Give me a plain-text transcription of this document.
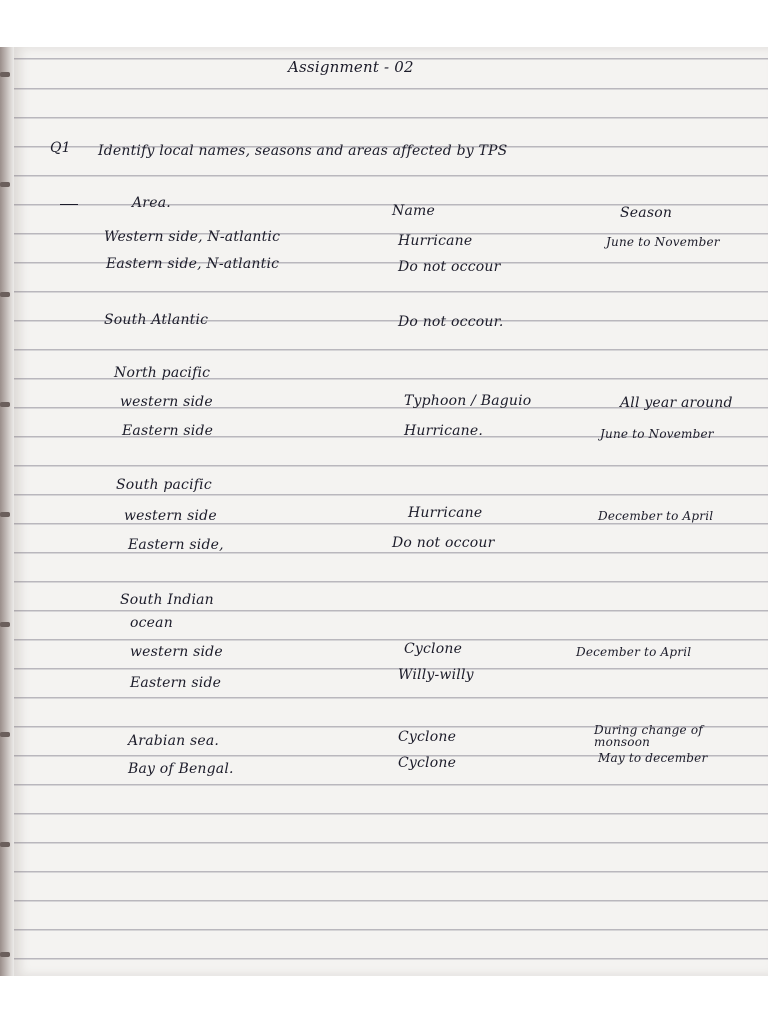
Assignment - 02
Q1 Identify local names, seasons and areas affected by TPS
Area.	Name	Season
Western side, N-atlantic	Hurricane	June to November
Eastern side, N-atlantic	Do not occour
South Atlantic	Do not occour.
North pacific
western side	Typhoon / Baguio	All year around
Eastern side	Hurricane.	June to November
South pacific
western side	Hurricane	December to April
Eastern side,	Do not occour
South Indian
ocean
western side	Cyclone	December to April
Eastern side	Willy-willy
Arabian sea.	Cyclone	During change of monsoon
Bay of Bengal.	Cyclone	May to december
